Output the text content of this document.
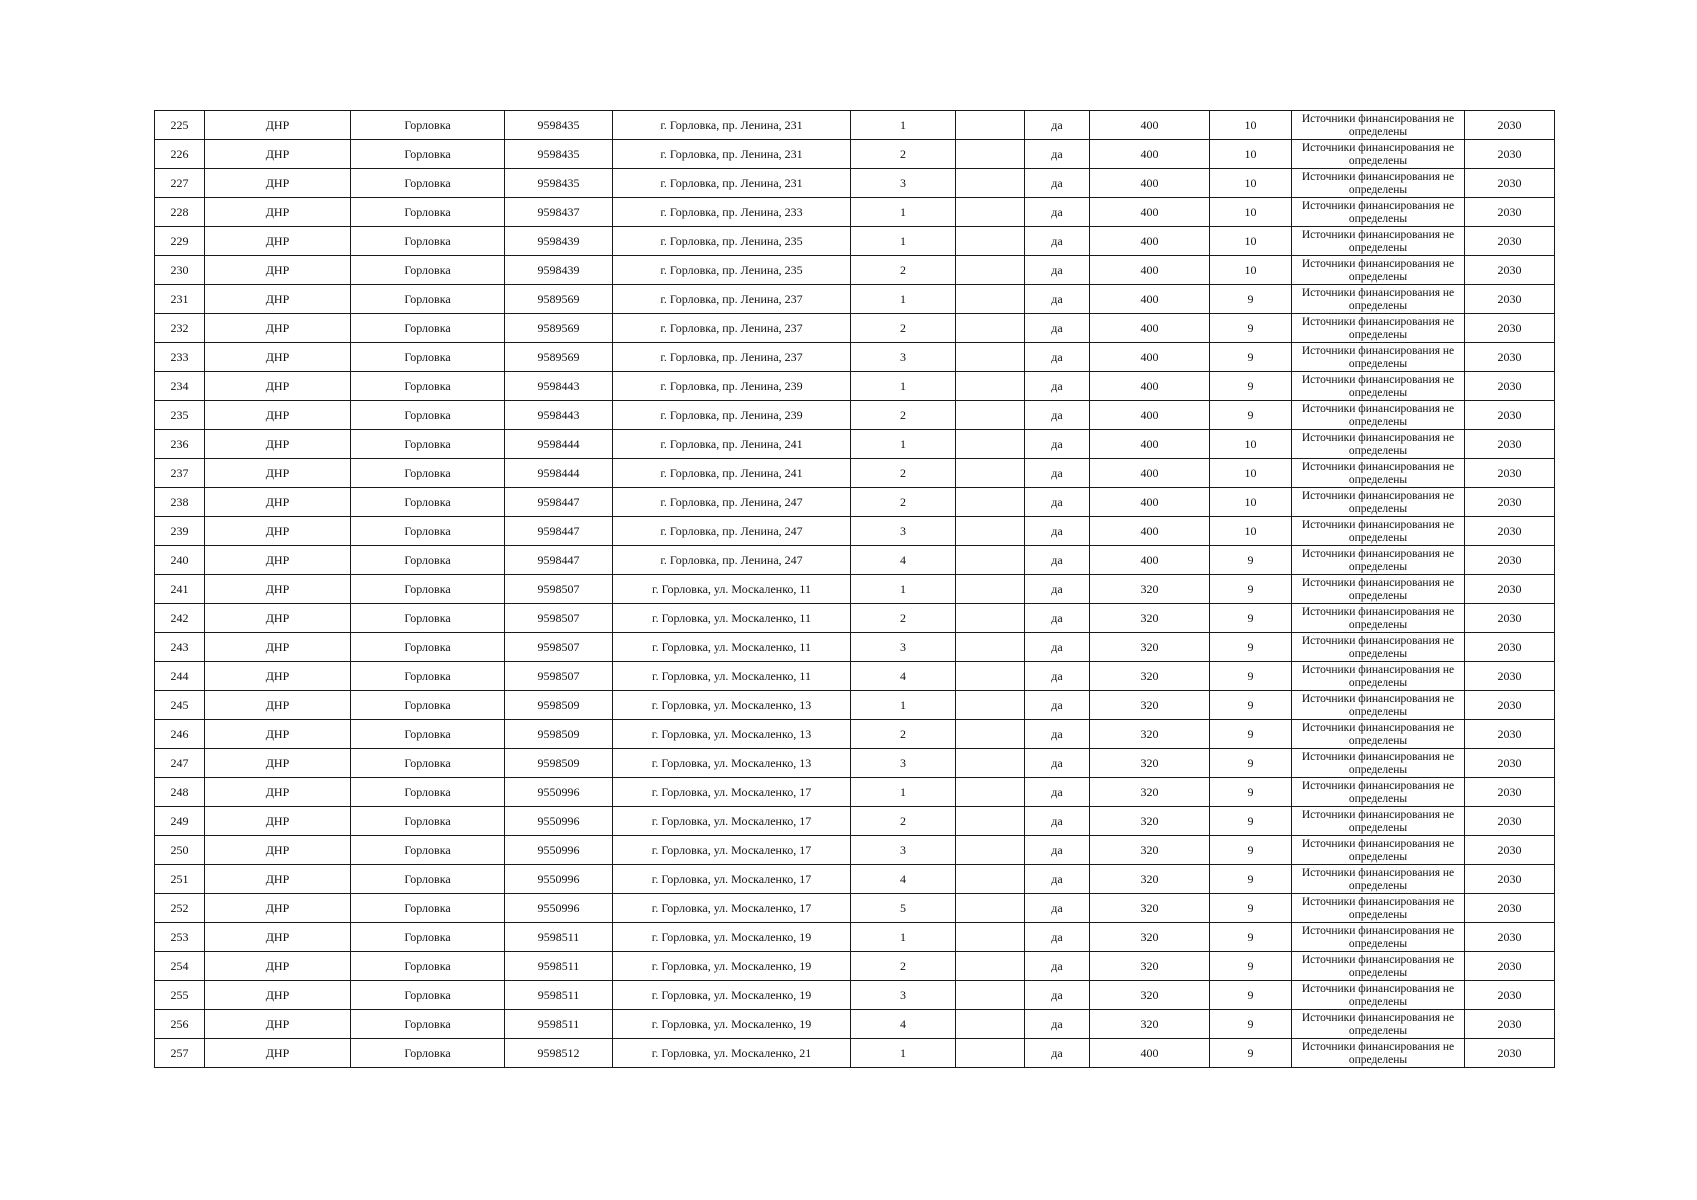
225	ДНР	Горловка	9598435	г. Горловка, пр. Ленина, 231	1		да	400	10	Источники финансирования не определены	2030
226	ДНР	Горловка	9598435	г. Горловка, пр. Ленина, 231	2		да	400	10	Источники финансирования не определены	2030
227	ДНР	Горловка	9598435	г. Горловка, пр. Ленина, 231	3		да	400	10	Источники финансирования не определены	2030
228	ДНР	Горловка	9598437	г. Горловка, пр. Ленина, 233	1		да	400	10	Источники финансирования не определены	2030
229	ДНР	Горловка	9598439	г. Горловка, пр. Ленина, 235	1		да	400	10	Источники финансирования не определены	2030
230	ДНР	Горловка	9598439	г. Горловка, пр. Ленина, 235	2		да	400	10	Источники финансирования не определены	2030
231	ДНР	Горловка	9589569	г. Горловка, пр. Ленина, 237	1		да	400	9	Источники финансирования не определены	2030
232	ДНР	Горловка	9589569	г. Горловка, пр. Ленина, 237	2		да	400	9	Источники финансирования не определены	2030
233	ДНР	Горловка	9589569	г. Горловка, пр. Ленина, 237	3		да	400	9	Источники финансирования не определены	2030
234	ДНР	Горловка	9598443	г. Горловка, пр. Ленина, 239	1		да	400	9	Источники финансирования не определены	2030
235	ДНР	Горловка	9598443	г. Горловка, пр. Ленина, 239	2		да	400	9	Источники финансирования не определены	2030
236	ДНР	Горловка	9598444	г. Горловка, пр. Ленина, 241	1		да	400	10	Источники финансирования не определены	2030
237	ДНР	Горловка	9598444	г. Горловка, пр. Ленина, 241	2		да	400	10	Источники финансирования не определены	2030
238	ДНР	Горловка	9598447	г. Горловка, пр. Ленина, 247	2		да	400	10	Источники финансирования не определены	2030
239	ДНР	Горловка	9598447	г. Горловка, пр. Ленина, 247	3		да	400	10	Источники финансирования не определены	2030
240	ДНР	Горловка	9598447	г. Горловка, пр. Ленина, 247	4		да	400	9	Источники финансирования не определены	2030
241	ДНР	Горловка	9598507	г. Горловка, ул. Москаленко, 11	1		да	320	9	Источники финансирования не определены	2030
242	ДНР	Горловка	9598507	г. Горловка, ул. Москаленко, 11	2		да	320	9	Источники финансирования не определены	2030
243	ДНР	Горловка	9598507	г. Горловка, ул. Москаленко, 11	3		да	320	9	Источники финансирования не определены	2030
244	ДНР	Горловка	9598507	г. Горловка, ул. Москаленко, 11	4		да	320	9	Источники финансирования не определены	2030
245	ДНР	Горловка	9598509	г. Горловка, ул. Москаленко, 13	1		да	320	9	Источники финансирования не определены	2030
246	ДНР	Горловка	9598509	г. Горловка, ул. Москаленко, 13	2		да	320	9	Источники финансирования не определены	2030
247	ДНР	Горловка	9598509	г. Горловка, ул. Москаленко, 13	3		да	320	9	Источники финансирования не определены	2030
248	ДНР	Горловка	9550996	г. Горловка, ул. Москаленко, 17	1		да	320	9	Источники финансирования не определены	2030
249	ДНР	Горловка	9550996	г. Горловка, ул. Москаленко, 17	2		да	320	9	Источники финансирования не определены	2030
250	ДНР	Горловка	9550996	г. Горловка, ул. Москаленко, 17	3		да	320	9	Источники финансирования не определены	2030
251	ДНР	Горловка	9550996	г. Горловка, ул. Москаленко, 17	4		да	320	9	Источники финансирования не определены	2030
252	ДНР	Горловка	9550996	г. Горловка, ул. Москаленко, 17	5		да	320	9	Источники финансирования не определены	2030
253	ДНР	Горловка	9598511	г. Горловка, ул. Москаленко, 19	1		да	320	9	Источники финансирования не определены	2030
254	ДНР	Горловка	9598511	г. Горловка, ул. Москаленко, 19	2		да	320	9	Источники финансирования не определены	2030
255	ДНР	Горловка	9598511	г. Горловка, ул. Москаленко, 19	3		да	320	9	Источники финансирования не определены	2030
256	ДНР	Горловка	9598511	г. Горловка, ул. Москаленко, 19	4		да	320	9	Источники финансирования не определены	2030
257	ДНР	Горловка	9598512	г. Горловка, ул. Москаленко, 21	1		да	400	9	Источники финансирования не определены	2030
